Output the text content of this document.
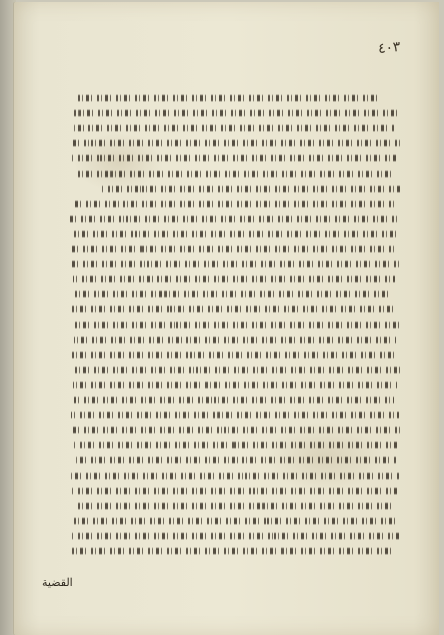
٤٠٣
القضية
